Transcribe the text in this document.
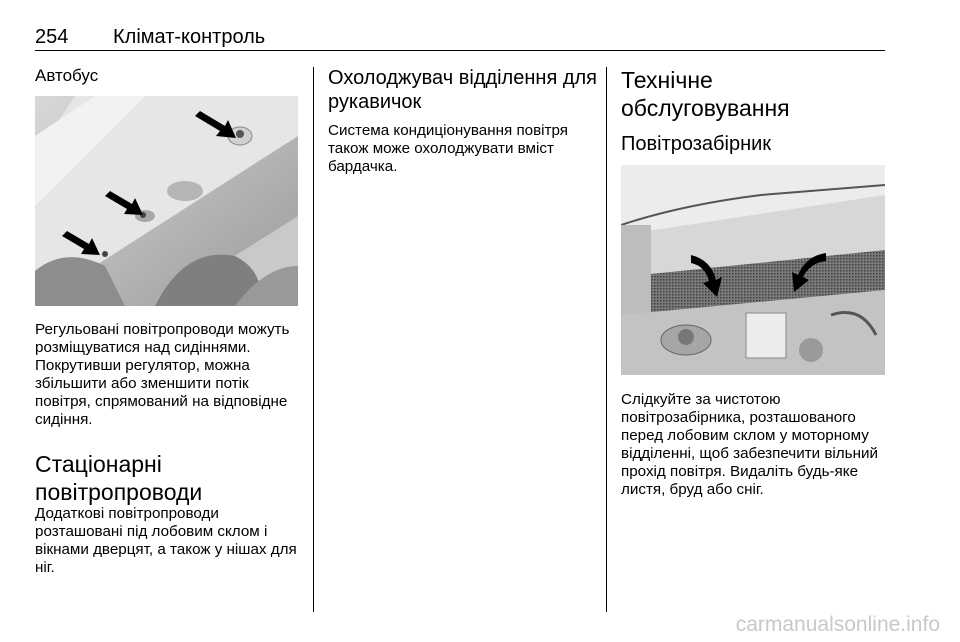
254 Клімат-контроль
Автобус
Регульовані повітропроводи можуть розміщуватися над сидіннями. Покрутивши регулятор, можна збільшити або зменшити потік повітря, спрямований на відповідне сидіння.
Стаціонарні повітропроводи
Додаткові повітропроводи розташовані під лобовим склом і вікнами дверцят, а також у нішах для ніг.
Охолоджувач відділення для рукавичок
Система кондиціонування повітря також може охолоджувати вміст бардачка.
Технічне обслуговування
Повітрозабірник
Слідкуйте за чистотою повітрозабірника, розташованого перед лобовим склом у моторному відділенні, щоб забезпечити вільний прохід повітря. Видаліть будь-яке листя, бруд або сніг.
carmanualsonline.info
